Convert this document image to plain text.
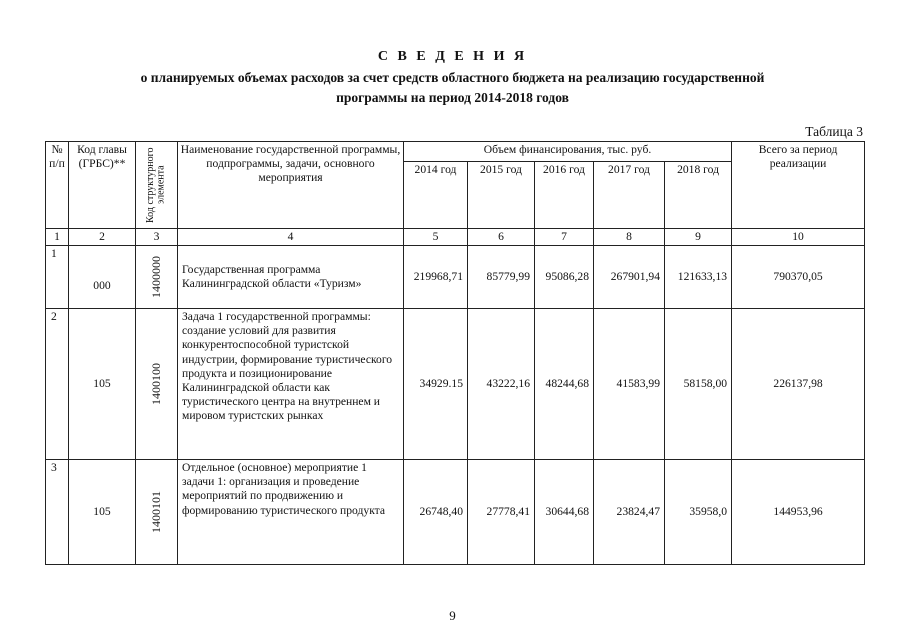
С В Е Д Е Н И Я
о планируемых объемах расходов за счет средств областного бюджета на реализацию государственной
программы на период 2014-2018 годов
Таблица 3
№ п/п	Код главы (ГРБС)**	Код структурного элемента	Наименование государственной программы, подпрограммы, задачи, основного мероприятия	Объем финансирования, тыс. руб.					Всего за период реализации
				2014 год	2015 год	2016 год	2017 год	2018 год	
1	2	3	4	5	6	7	8	9	10
1	000	1400000	Государственная программа Калининградской области «Туризм»	219968,71	85779,99	95086,28	267901,94	121633,13	790370,05
2	105	1400100	Задача 1 государственной программы: создание условий для развития конкурентоспособной туристской индустрии, формирование туристического продукта и позиционирование Калининградской области как туристического центра на внутреннем и мировом туристских рынках	34929.15	43222,16	48244,68	41583,99	58158,00	226137,98
3	105	1400101	Отдельное (основное) мероприятие 1 задачи 1: организация и проведение мероприятий по продвижению и формированию туристического продукта	26748,40	27778,41	30644,68	23824,47	35958,0	144953,96
9
